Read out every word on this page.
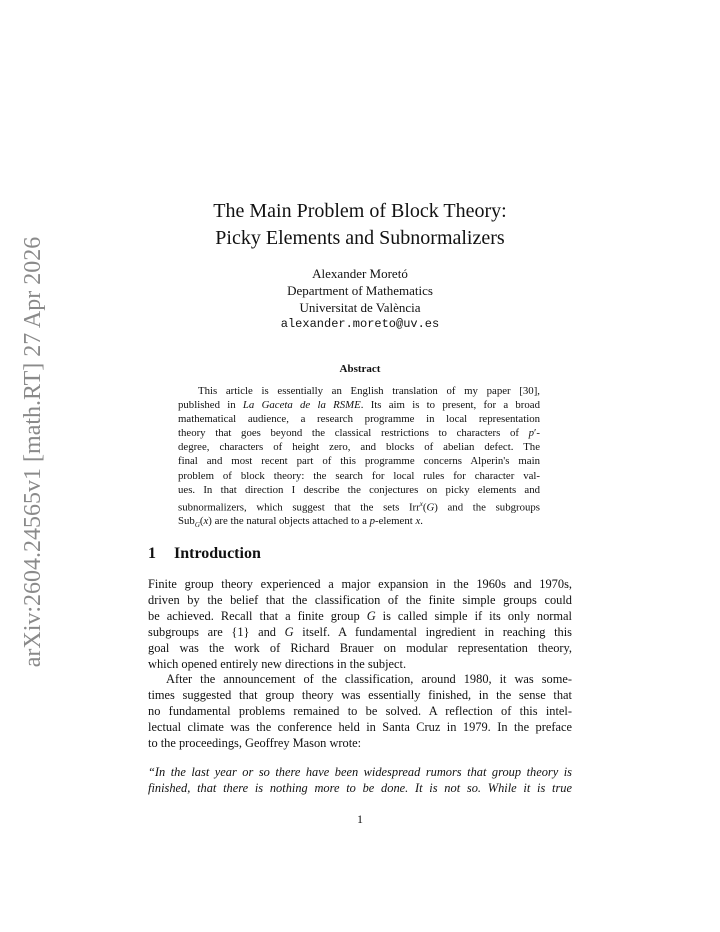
arXiv:2604.24565v1 [math.RT] 27 Apr 2026
The Main Problem of Block Theory:
Picky Elements and Subnormalizers
Alexander Moretó
Department of Mathematics
Universitat de València
alexander.moreto@uv.es
Abstract
This article is essentially an English translation of my paper [30],
published in La Gaceta de la RSME. Its aim is to present, for a broad
mathematical audience, a research programme in local representation
theory that goes beyond the classical restrictions to characters of p′-
degree, characters of height zero, and blocks of abelian defect. The
final and most recent part of this programme concerns Alperin's main
problem of block theory: the search for local rules for character val-
ues. In that direction I describe the conjectures on picky elements and
subnormalizers, which suggest that the sets Irr$^x$(G) and the subgroups
Sub$_G$(x) are the natural objects attached to a p-element x.
1 Introduction
Finite group theory experienced a major expansion in the 1960s and 1970s,
driven by the belief that the classification of the finite simple groups could
be achieved. Recall that a finite group G is called simple if its only normal
subgroups are {1} and G itself. A fundamental ingredient in reaching this
goal was the work of Richard Brauer on modular representation theory,
which opened entirely new directions in the subject.
After the announcement of the classification, around 1980, it was some-
times suggested that group theory was essentially finished, in the sense that
no fundamental problems remained to be solved. A reflection of this intel-
lectual climate was the conference held in Santa Cruz in 1979. In the preface
to the proceedings, Geoffrey Mason wrote:
“In the last year or so there have been widespread rumors that group theory is
finished, that there is nothing more to be done. It is not so. While it is true
1
